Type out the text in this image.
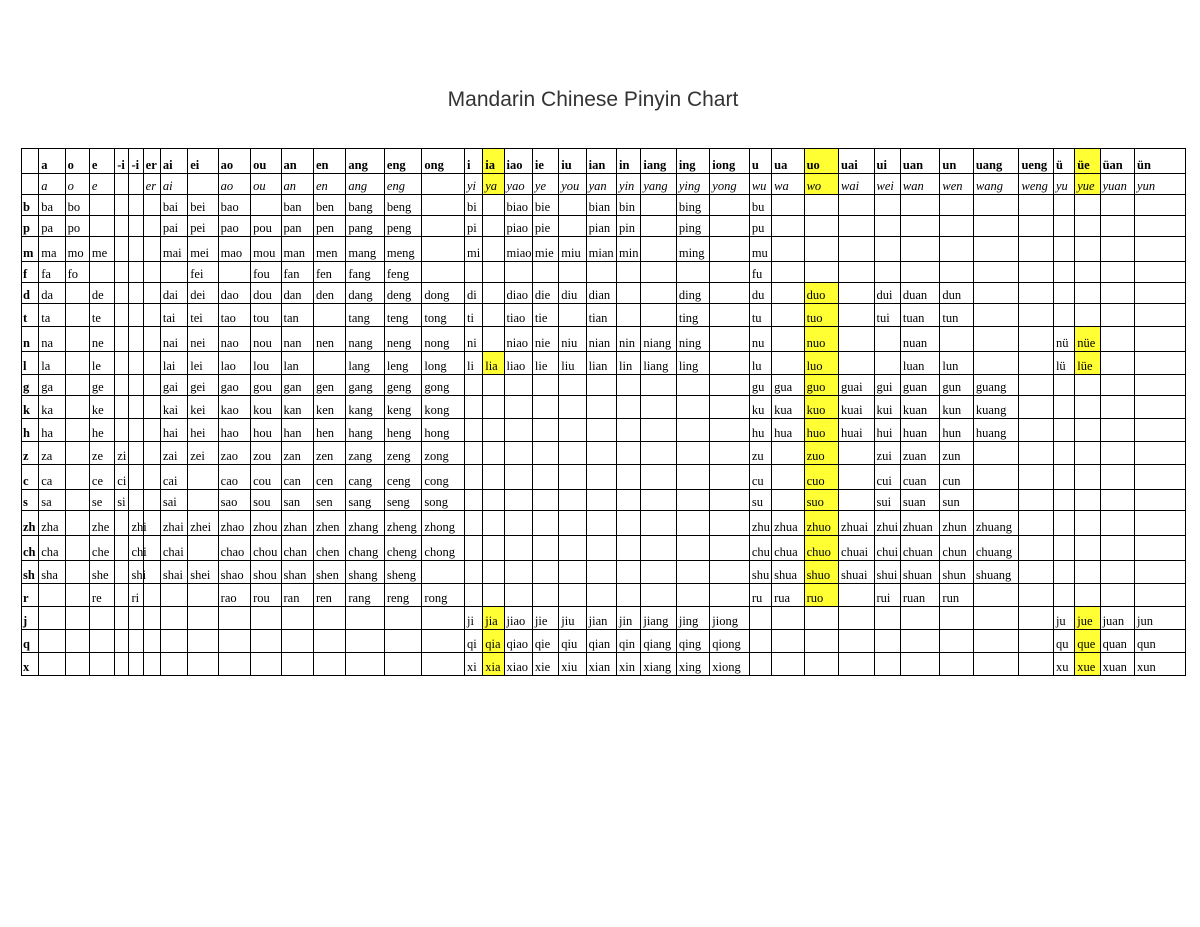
Mandarin Chinese Pinyin Chart
	a	o	e	-i	-i	er	ai	ei	ao	ou	an	en	ang	eng	ong	i	ia	iao	ie	iu	ian	in	iang	ing	iong	u	ua	uo	uai	ui	uan	un	uang	ueng	ü	üe	üan	ün
	a	o	e			er	ai		ao	ou	an	en	ang	eng		yi	ya	yao	ye	you	yan	yin	yang	ying	yong	wu	wa	wo	wai	wei	wan	wen	wang	weng	yu	yue	yuan	yun
b	ba	bo					bai	bei	bao		ban	ben	bang	beng		bi		biao	bie		bian	bin		bing		bu												
p	pa	po					pai	pei	pao	pou	pan	pen	pang	peng		pi		piao	pie		pian	pin		ping		pu												
m	ma	mo	me				mai	mei	mao	mou	man	men	mang	meng		mi		miao	mie	miu	mian	min		ming		mu												
f	fa	fo						fei		fou	fan	fen	fang	feng												fu												
d	da		de				dai	dei	dao	dou	dan	den	dang	deng	dong	di		diao	die	diu	dian			ding		du		duo		dui	duan	dun						
t	ta		te				tai	tei	tao	tou	tan		tang	teng	tong	ti		tiao	tie		tian			ting		tu		tuo		tui	tuan	tun						
n	na		ne				nai	nei	nao	nou	nan	nen	nang	neng	nong	ni		niao	nie	niu	nian	nin	niang	ning		nu		nuo			nuan				nü	nüe		
l	la		le				lai	lei	lao	lou	lan		lang	leng	long	li	lia	liao	lie	liu	lian	lin	liang	ling		lu		luo			luan	lun			lü	lüe		
g	ga		ge				gai	gei	gao	gou	gan	gen	gang	geng	gong											gu	gua	guo	guai	gui	guan	gun	guang					
k	ka		ke				kai	kei	kao	kou	kan	ken	kang	keng	kong											ku	kua	kuo	kuai	kui	kuan	kun	kuang					
h	ha		he				hai	hei	hao	hou	han	hen	hang	heng	hong											hu	hua	huo	huai	hui	huan	hun	huang					
z	za		ze	zi			zai	zei	zao	zou	zan	zen	zang	zeng	zong											zu		zuo		zui	zuan	zun						
c	ca		ce	ci			cai		cao	cou	can	cen	cang	ceng	cong											cu		cuo		cui	cuan	cun						
s	sa		se	si			sai		sao	sou	san	sen	sang	seng	song											su		suo		sui	suan	sun						
zh	zha		zhe		zhi		zhai	zhei	zhao	zhou	zhan	zhen	zhang	zheng	zhong											zhu	zhua	zhuo	zhuai	zhui	zhuan	zhun	zhuang					
ch	cha		che		chi		chai		chao	chou	chan	chen	chang	cheng	chong											chu	chua	chuo	chuai	chui	chuan	chun	chuang					
sh	sha		she		shi		shai	shei	shao	shou	shan	shen	shang	sheng												shu	shua	shuo	shuai	shui	shuan	shun	shuang					
r			re		ri				rao	rou	ran	ren	rang	reng	rong											ru	rua	ruo		rui	ruan	run						
j																ji	jia	jiao	jie	jiu	jian	jin	jiang	jing	jiong										ju	jue	juan	jun
q																qi	qia	qiao	qie	qiu	qian	qin	qiang	qing	qiong										qu	que	quan	qun
x																xi	xia	xiao	xie	xiu	xian	xin	xiang	xing	xiong										xu	xue	xuan	xun
